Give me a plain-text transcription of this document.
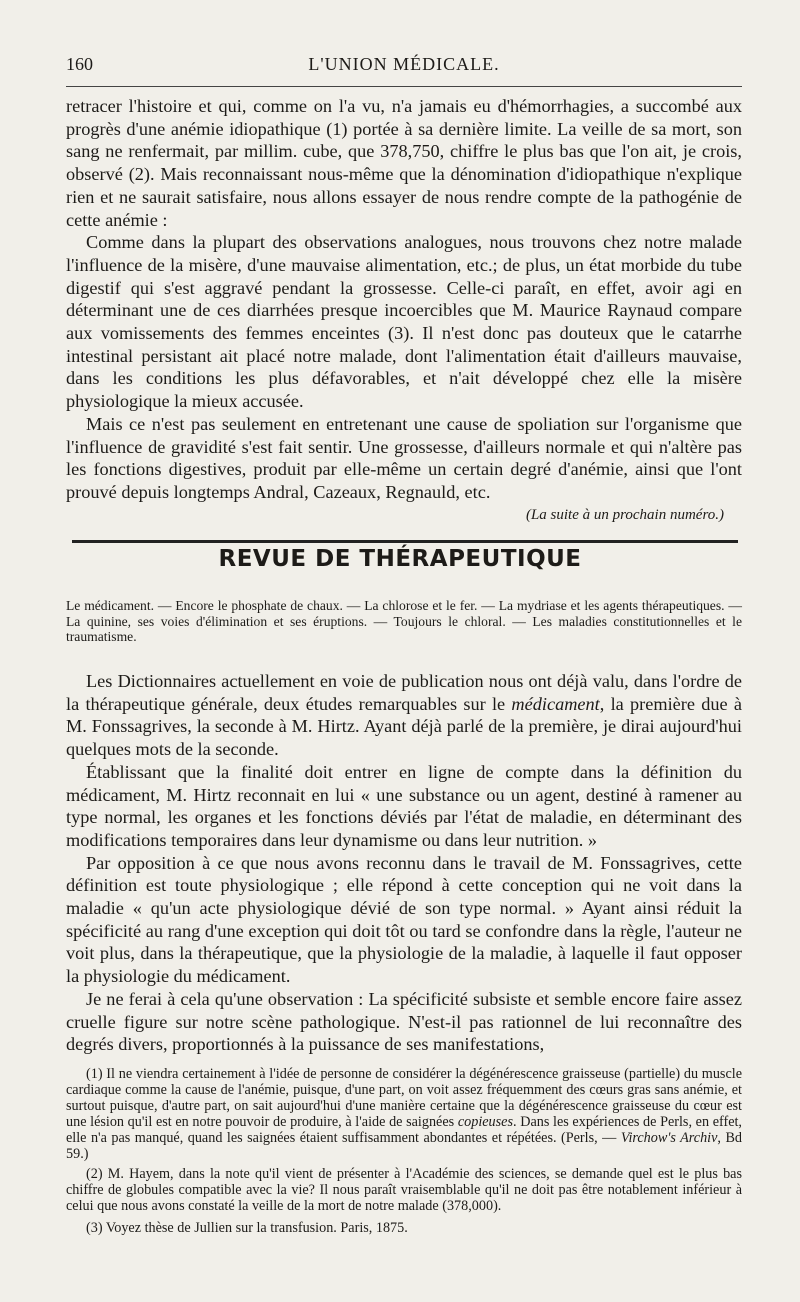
160	L'UNION MÉDICALE.

retracer l'histoire et qui, comme on l'a vu, n'a jamais eu d'hémorrhagies, a succombé aux progrès d'une anémie idiopathique (1) portée à sa dernière limite. La veille de sa mort, son sang ne renfermait, par millim. cube, que 378,750, chiffre le plus bas que l'on ait, je crois, observé (2). Mais reconnaissant nous-même que la dénomination d'idiopathique n'explique rien et ne saurait satisfaire, nous allons essayer de nous rendre compte de la pathogénie de cette anémie :

Comme dans la plupart des observations analogues, nous trouvons chez notre malade l'influence de la misère, d'une mauvaise alimentation, etc.; de plus, un état morbide du tube digestif qui s'est aggravé pendant la grossesse. Celle-ci paraît, en effet, avoir agi en déterminant une de ces diarrhées presque incoercibles que M. Maurice Raynaud compare aux vomissements des femmes enceintes (3). Il n'est donc pas douteux que le catarrhe intestinal persistant ait placé notre malade, dont l'alimentation était d'ailleurs mauvaise, dans les conditions les plus défavorables, et n'ait développé chez elle la misère physiologique la mieux accusée.

Mais ce n'est pas seulement en entretenant une cause de spoliation sur l'organisme que l'influence de gravidité s'est fait sentir. Une grossesse, d'ailleurs normale et qui n'altère pas les fonctions digestives, produit par elle-même un certain degré d'anémie, ainsi que l'ont prouvé depuis longtemps Andral, Cazeaux, Regnauld, etc.

(La suite à un prochain numéro.)
REVUE DE THÉRAPEUTIQUE

Le médicament. — Encore le phosphate de chaux. — La chlorose et le fer. — La mydriase et les agents thérapeutiques. — La quinine, ses voies d'élimination et ses éruptions. — Toujours le chloral. — Les maladies constitutionnelles et le traumatisme.

Les Dictionnaires actuellement en voie de publication nous ont déjà valu, dans l'ordre de la thérapeutique générale, deux études remarquables sur le médicament, la première due à M. Fonssagrives, la seconde à M. Hirtz. Ayant déjà parlé de la première, je dirai aujourd'hui quelques mots de la seconde.

Établissant que la finalité doit entrer en ligne de compte dans la définition du médicament, M. Hirtz reconnait en lui « une substance ou un agent, destiné à ramener au type normal, les organes et les fonctions déviés par l'état de maladie, en déterminant des modifications temporaires dans leur dynamisme ou dans leur nutrition. »

Par opposition à ce que nous avons reconnu dans le travail de M. Fonssagrives, cette définition est toute physiologique ; elle répond à cette conception qui ne voit dans la maladie « qu'un acte physiologique dévié de son type normal. » Ayant ainsi réduit la spécificité au rang d'une exception qui doit tôt ou tard se confondre dans la règle, l'auteur ne voit plus, dans la thérapeutique, que la physiologie de la maladie, à laquelle il faut opposer la physiologie du médicament.

Je ne ferai à cela qu'une observation : La spécificité subsiste et semble encore faire assez cruelle figure sur notre scène pathologique. N'est-il pas rationnel de lui reconnaître des degrés divers, proportionnés à la puissance de ses manifestations,

(1) Il ne viendra certainement à l'idée de personne de considérer la dégénérescence graisseuse (partielle) du muscle cardiaque comme la cause de l'anémie, puisque, d'une part, on voit assez fréquemment des cœurs gras sans anémie, et surtout puisque, d'autre part, on sait aujourd'hui d'une manière certaine que la dégénérescence graisseuse du cœur est une lésion qu'il est en notre pouvoir de produire, à l'aide de saignées copieuses. Dans les expériences de Perls, en effet, elle n'a pas manqué, quand les saignées étaient suffisamment abondantes et répétées. (Perls, — Virchow's Archiv, Bd 59.)

(2) M. Hayem, dans la note qu'il vient de présenter à l'Académie des sciences, se demande quel est le plus bas chiffre de globules compatible avec la vie? Il nous paraît vraisemblable qu'il ne doit pas être notablement inférieur à celui que nous avons constaté la veille de la mort de notre malade (378,000).

(3) Voyez thèse de Jullien sur la transfusion. Paris, 1875.
